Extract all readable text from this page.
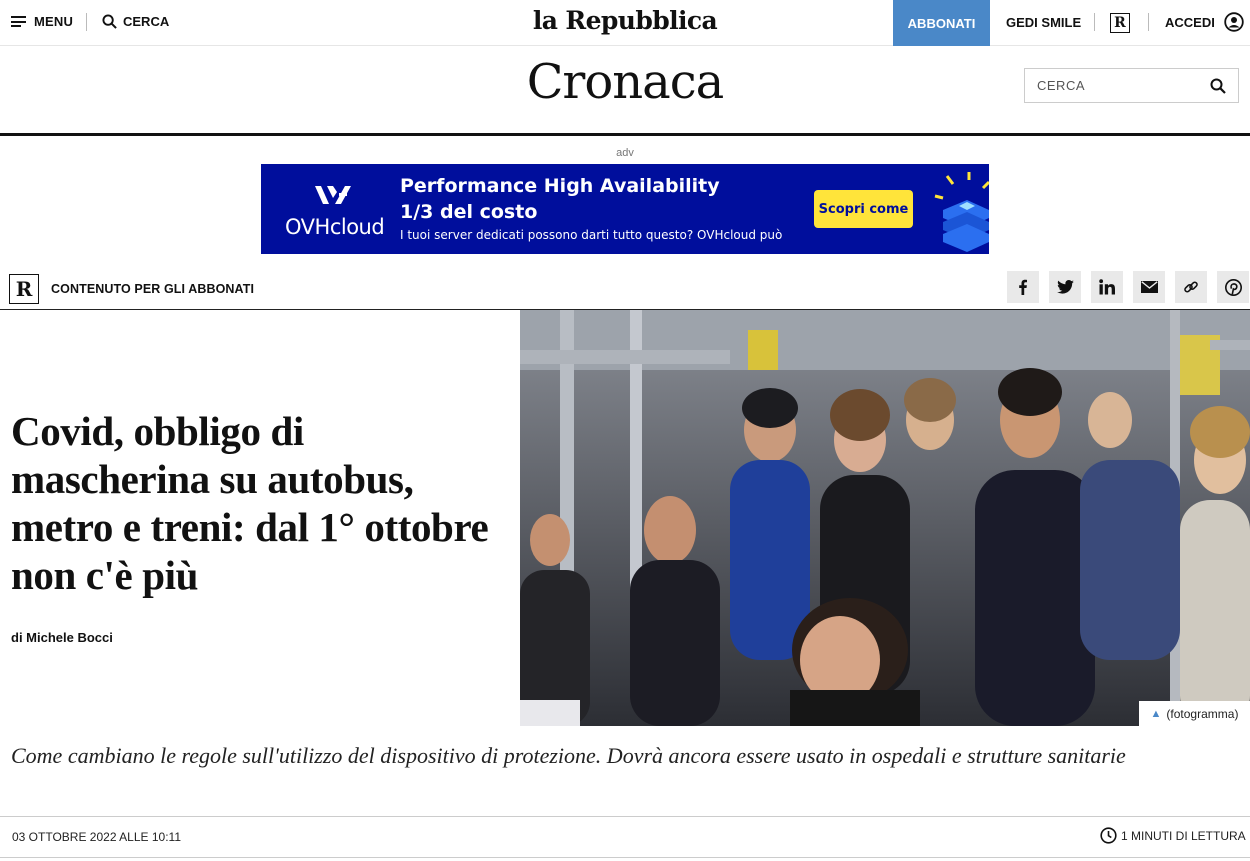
MENU	CERCA	la Repubblica	ABBONATI	GEDI SMILE R	ACCEDI
Cronaca
CERCA
adv
OVHcloud
Performance High Availability
1/3 del costo
I tuoi server dedicati possono darti tutto questo? OVHcloud può
Scopri come
R	CONTENUTO PER GLI ABBONATI
Covid, obbligo di mascherina su autobus, metro e treni: dal 1° ottobre non c'è più
di Michele Bocci
▲ (fotogramma)

Come cambiano le regole sull'utilizzo del dispositivo di protezione. Dovrà ancora essere usato in ospedali e strutture sanitarie

03 OTTOBRE 2022 ALLE 10:11	1 MINUTI DI LETTURA
